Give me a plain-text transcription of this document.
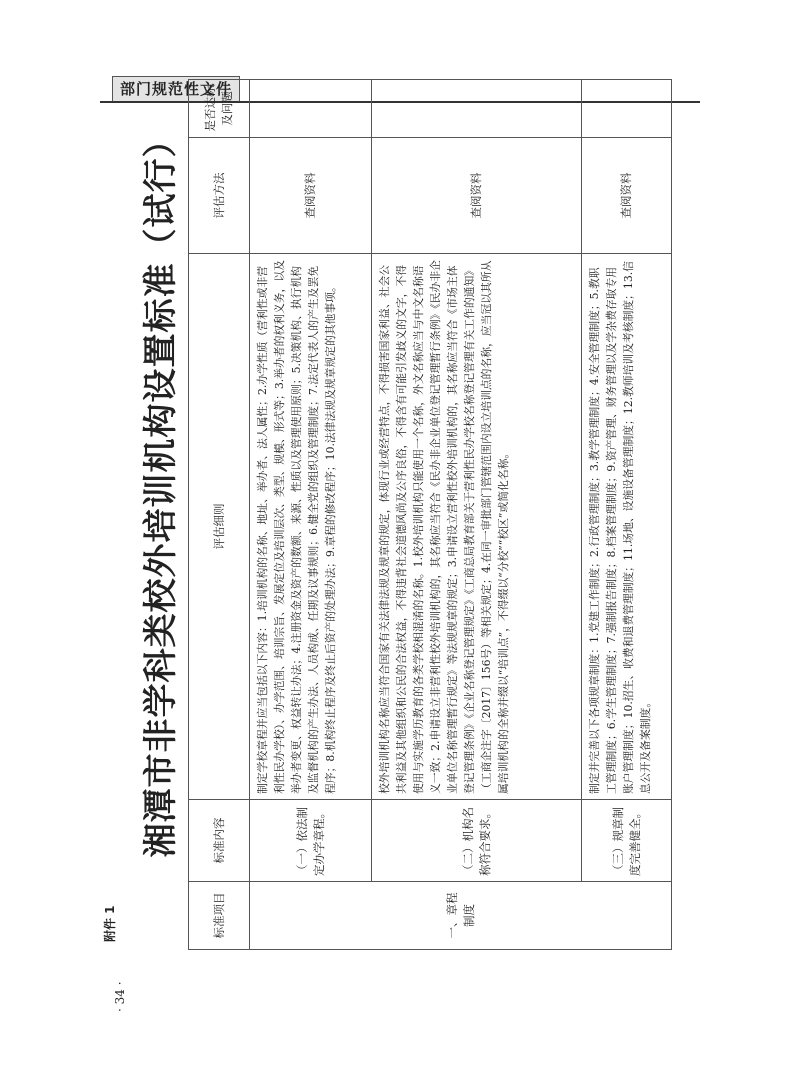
部门规范性文件
· 34 ·
附件 1
湘潭市非学科类校外培训机构设置标准（试行）
标准项目	标准内容	评估细则	评估方法	是否达标及问题
一、章程制度	（一）依法制定办学章程。	制定学校章程并应当包括以下内容：1.培训机构的名称、地址、举办者、法人属性；2.办学性质（营利性或非营利性民办学校）、办学范围、培训宗旨、发展定位及培训层次、类型、规模、形式等；3.举办者的权利义务，以及举办者变更、权益转让办法；4.注册资金及资产的数额、来源、性质以及管理使用原则；5.决策机构、执行机构及监督机构的产生办法、人员构成、任期及议事规则；6.健全党的组织及管理制度；7.法定代表人的产生及罢免程序；8.机构终止程序及终止后资产的处理办法；9.章程的修改程序；10.法律法规及规章规定的其他事项。	查阅资料	
	（二）机构名称符合要求。	校外培训机构名称应当符合国家有关法律法规及规章的规定，体现行业或经营特点，不得损害国家利益、社会公共利益及其他组织和公民的合法权益，不得违背社会道德风尚及公序良俗，不得含有可能引发歧义的文字，不得使用与实施学历教育的各类学校相混淆的名称。1.校外培训机构只能使用一个名称，外文名称应当与中文名称语义一致；2.申请设立非营利性校外培训机构的，其名称应当符合《民办非企业单位登记管理暂行条例》《民办非企业单位名称管理暂行规定》等法规规章的规定；3.申请设立营利性校外培训机构的，其名称应当符合《市场主体登记管理条例》《企业名称登记管理规定》《工商总局教育部关于营利性民办学校名称登记管理有关工作的通知》（工商企注字〔2017〕156号）等相关规定；4.在同一审批部门管辖范围内设立培训点的名称，应当冠以其所从属培训机构的全称并缀以“培训点”，不得缀以“分校”“校区”或简化名称。	查阅资料	
	（三）规章制度完善健全。	制定并完善以下各项规章制度：1.党建工作制度；2.行政管理制度；3.教学管理制度；4.安全管理制度；5.教职工管理制度；6.学生管理制度；7.强制报告制度；8.档案管理制度；9.资产管理、财务管理以及学杂费存取专用账户管理制度；10.招生、收费和退费管理制度；11.场地、设施设备管理制度；12.教师培训及考核制度；13.信息公开及备案制度。	查阅资料	
